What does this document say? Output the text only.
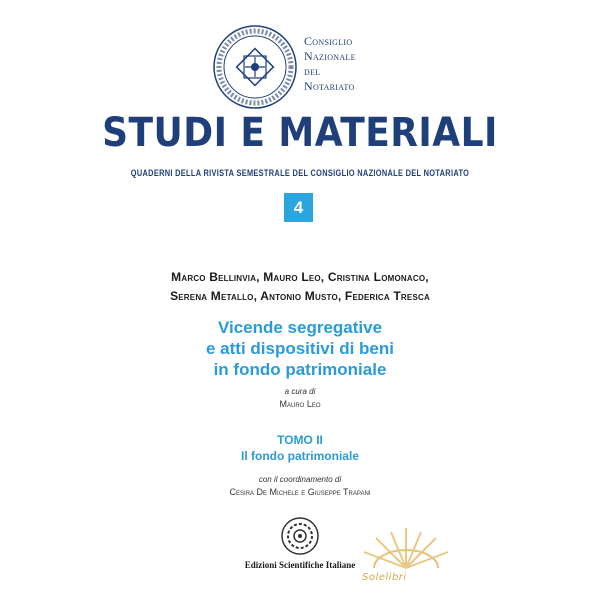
Consiglio
Nazionale
del
Notariato
STUDI E MATERIALI
QUADERNI DELLA RIVISTA SEMESTRALE DEL CONSIGLIO NAZIONALE DEL NOTARIATO
4
Marco Bellinvia, Mauro Leo, Cristina Lomonaco,
Serena Metallo, Antonio Musto, Federica Tresca
Vicende segregative
e atti dispositivi di beni
in fondo patrimoniale
a cura di
Mauro Leo
TOMO II
Il fondo patrimoniale
con il coordinamento di
Cesira De Michele e Giuseppe Trapani
Edizioni Scientifiche Italiane
Solelibri
